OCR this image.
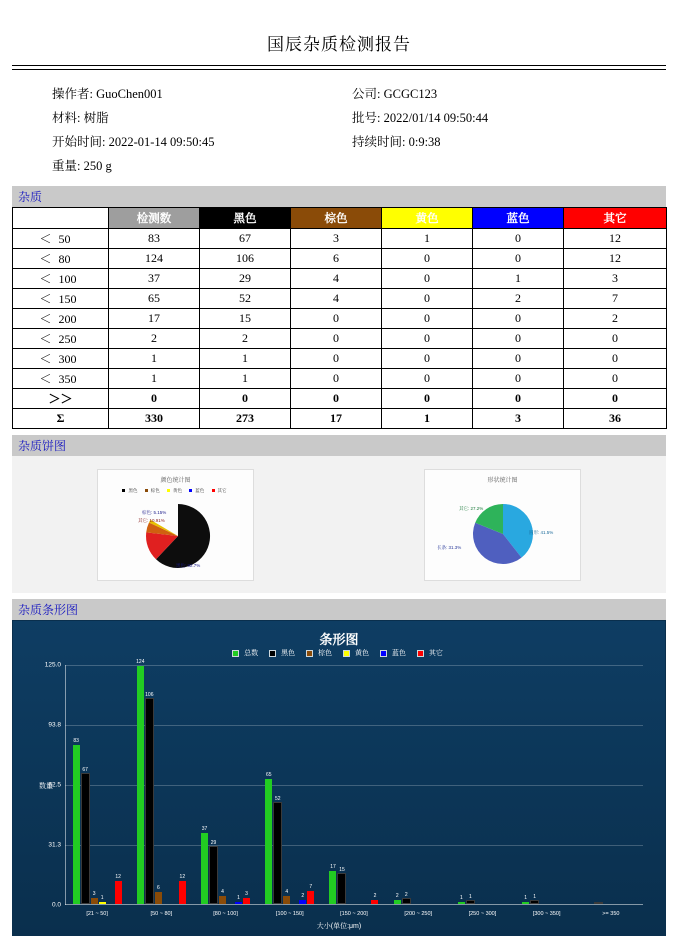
国辰杂质检测报告
操作者: GuoChen001
材料: 树脂
开始时间: 2022-01-14 09:50:45
重量: 250 g
公司: GCGC123
批号: 2022/01/14 09:50:44
持续时间: 0:9:38
杂质
	检测数	黑色	棕色	黄色	蓝色	其它
＜ 50	83	67	3	1	0	12
＜ 80	124	106	6	0	0	12
＜ 100	37	29	4	0	1	3
＜ 150	65	52	4	0	2	7
＜ 200	17	15	0	0	0	2
＜ 250	2	2	0	0	0	0
＜ 300	1	1	0	0	0	0
＜ 350	1	1	0	0	0	0
＞＞	0	0	0	0	0	0
Σ	330	273	17	1	3	36
杂质饼图
颜色统计图
黑色	棕色	黄色	蓝色	其它
棕色: 5.15%
其它: 10.91%
黑色: 82.7%
形状统计图
其它: 27.2%
圆形: 41.5%
长条: 31.3%
杂质条形图
条形图
总数	黑色	棕色	黄色	蓝色	其它
数量
0.0
31.3
62.5
93.8
125.0
83
67
3
1
12
[21 ~ 50]
124
106
6
12
[50 ~ 80]
37
29
4
1
3
[80 ~ 100]
65
52
4
2
7
[100 ~ 150]
17 15
2
[150 ~ 200]
2 2
[200 ~ 250]
1 1
[250 ~ 300]
1 1
[300 ~ 350]	>= 350
大小(单位:μm)
